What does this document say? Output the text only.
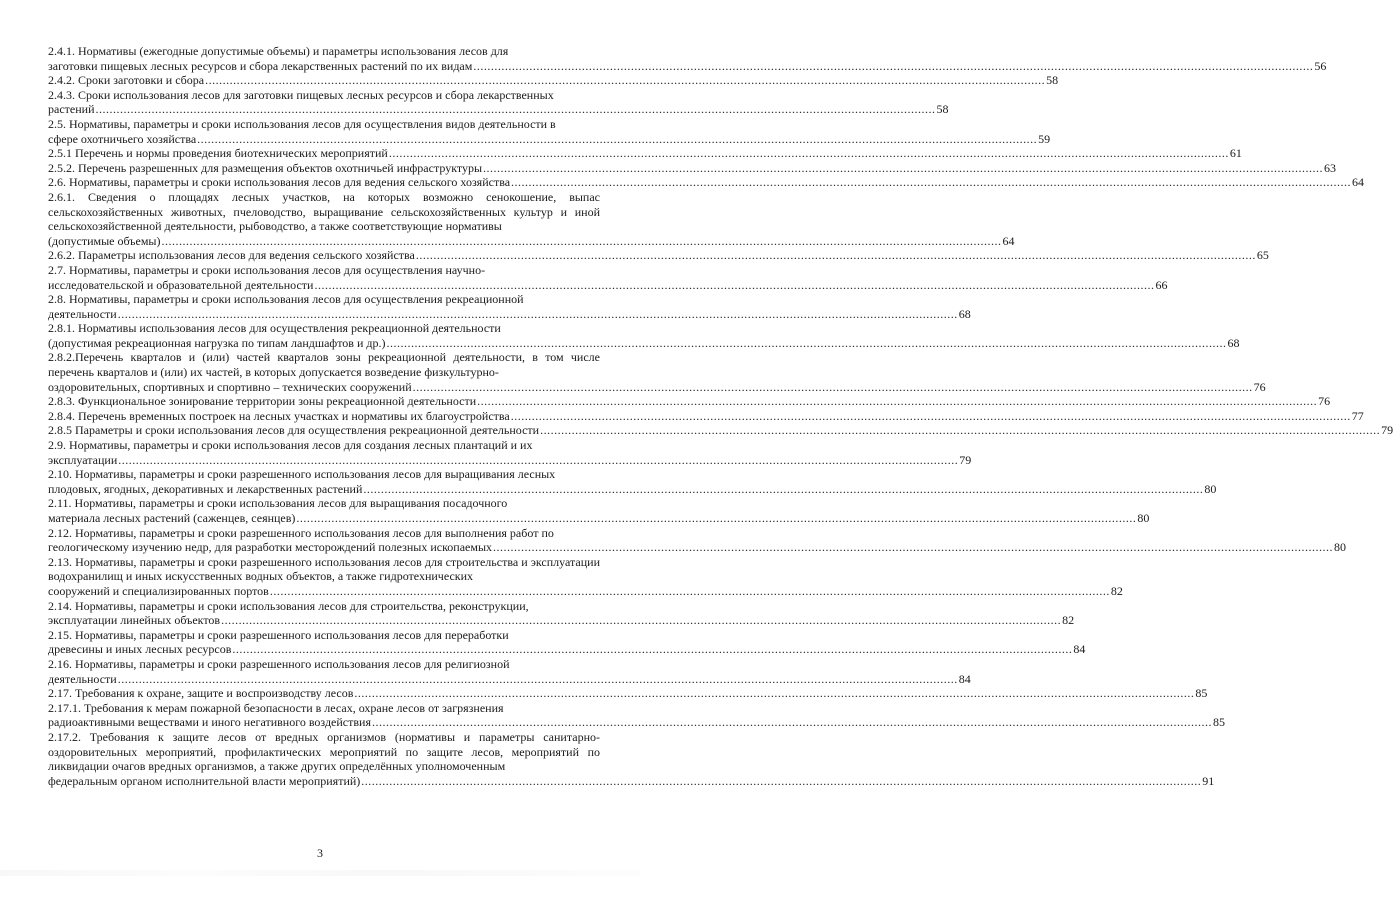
2.4.1. Нормативы (ежегодные допустимые объемы) и параметры использования лесов для
заготовки пищевых лесных ресурсов и сбора лекарственных растений по их видам .....	56
2.4.2. Сроки заготовки и сбора .....	58
2.4.3. Сроки использования лесов для заготовки пищевых лесных ресурсов и сбора лекарственных
растений .....	58
2.5. Нормативы, параметры и сроки использования лесов для осуществления видов деятельности в
сфере охотничьего хозяйства .....	59
2.5.1 Перечень и нормы проведения биотехнических мероприятий .....	61
2.5.2. Перечень разрешенных для размещения объектов охотничьей инфраструктуры .....	63
2.6. Нормативы, параметры и сроки использования лесов для ведения сельского хозяйства .....	64
2.6.1. Сведения о площадях лесных участков, на которых возможно сенокошение, выпас сельскохозяйственных животных, пчеловодство, выращивание сельскохозяйственных культур и иной сельскохозяйственной деятельности, рыбоводство, а также соответствующие нормативы
(допустимые объемы) .....	64
2.6.2. Параметры использования лесов для ведения сельского хозяйства .....	65
2.7. Нормативы, параметры и сроки использования лесов для осуществления научно-
исследовательской и образовательной деятельности .....	66
2.8. Нормативы, параметры и сроки использования лесов для осуществления рекреационной
деятельности .....	68
2.8.1. Нормативы использования лесов для осуществления рекреационной деятельности
(допустимая рекреационная нагрузка по типам ландшафтов и др.) .....	68
2.8.2.Перечень кварталов и (или) частей кварталов зоны рекреационной деятельности, в том числе перечень кварталов и (или) их частей, в которых допускается возведение физкультурно-
оздоровительных, спортивных и спортивно – технических сооружений .....	76
2.8.3. Функциональное зонирование территории зоны рекреационной деятельности .....	76
2.8.4. Перечень временных построек на лесных участках и нормативы их благоустройства .....	77
2.8.5 Параметры и сроки использования лесов для осуществления рекреационной деятельности .....	79
2.9. Нормативы, параметры и сроки использования лесов для создания лесных плантаций и их
эксплуатации .....	79
2.10. Нормативы, параметры и сроки разрешенного использования лесов для выращивания лесных
плодовых, ягодных, декоративных и лекарственных растений .....	80
2.11. Нормативы, параметры и сроки использования лесов для выращивания посадочного
материала лесных растений (саженцев, сеянцев) .....	80
2.12. Нормативы, параметры и сроки разрешенного использования лесов для выполнения работ по
геологическому изучению недр, для разработки месторождений полезных ископаемых .....	80
2.13. Нормативы, параметры и сроки разрешенного использования лесов для строительства и эксплуатации водохранилищ и иных искусственных водных объектов, а также гидротехнических
сооружений и специализированных портов .....	82
2.14. Нормативы, параметры и сроки использования лесов для строительства, реконструкции,
эксплуатации линейных объектов .....	82
2.15. Нормативы, параметры и сроки разрешенного использования лесов для переработки
древесины и иных лесных ресурсов .....	84
2.16. Нормативы, параметры и сроки разрешенного использования лесов для религиозной
деятельности .....	84
2.17. Требования к охране, защите и воспроизводству лесов .....	85
2.17.1. Требования к мерам пожарной безопасности в лесах, охране лесов от загрязнения
радиоактивными веществами и иного негативного воздействия .....	85
2.17.2. Требования к защите лесов от вредных организмов (нормативы и параметры санитарно-оздоровительных мероприятий, профилактических мероприятий по защите лесов, мероприятий по ликвидации очагов вредных организмов, а также других определённых уполномоченным
федеральным органом исполнительной власти мероприятий) .....	91
3
